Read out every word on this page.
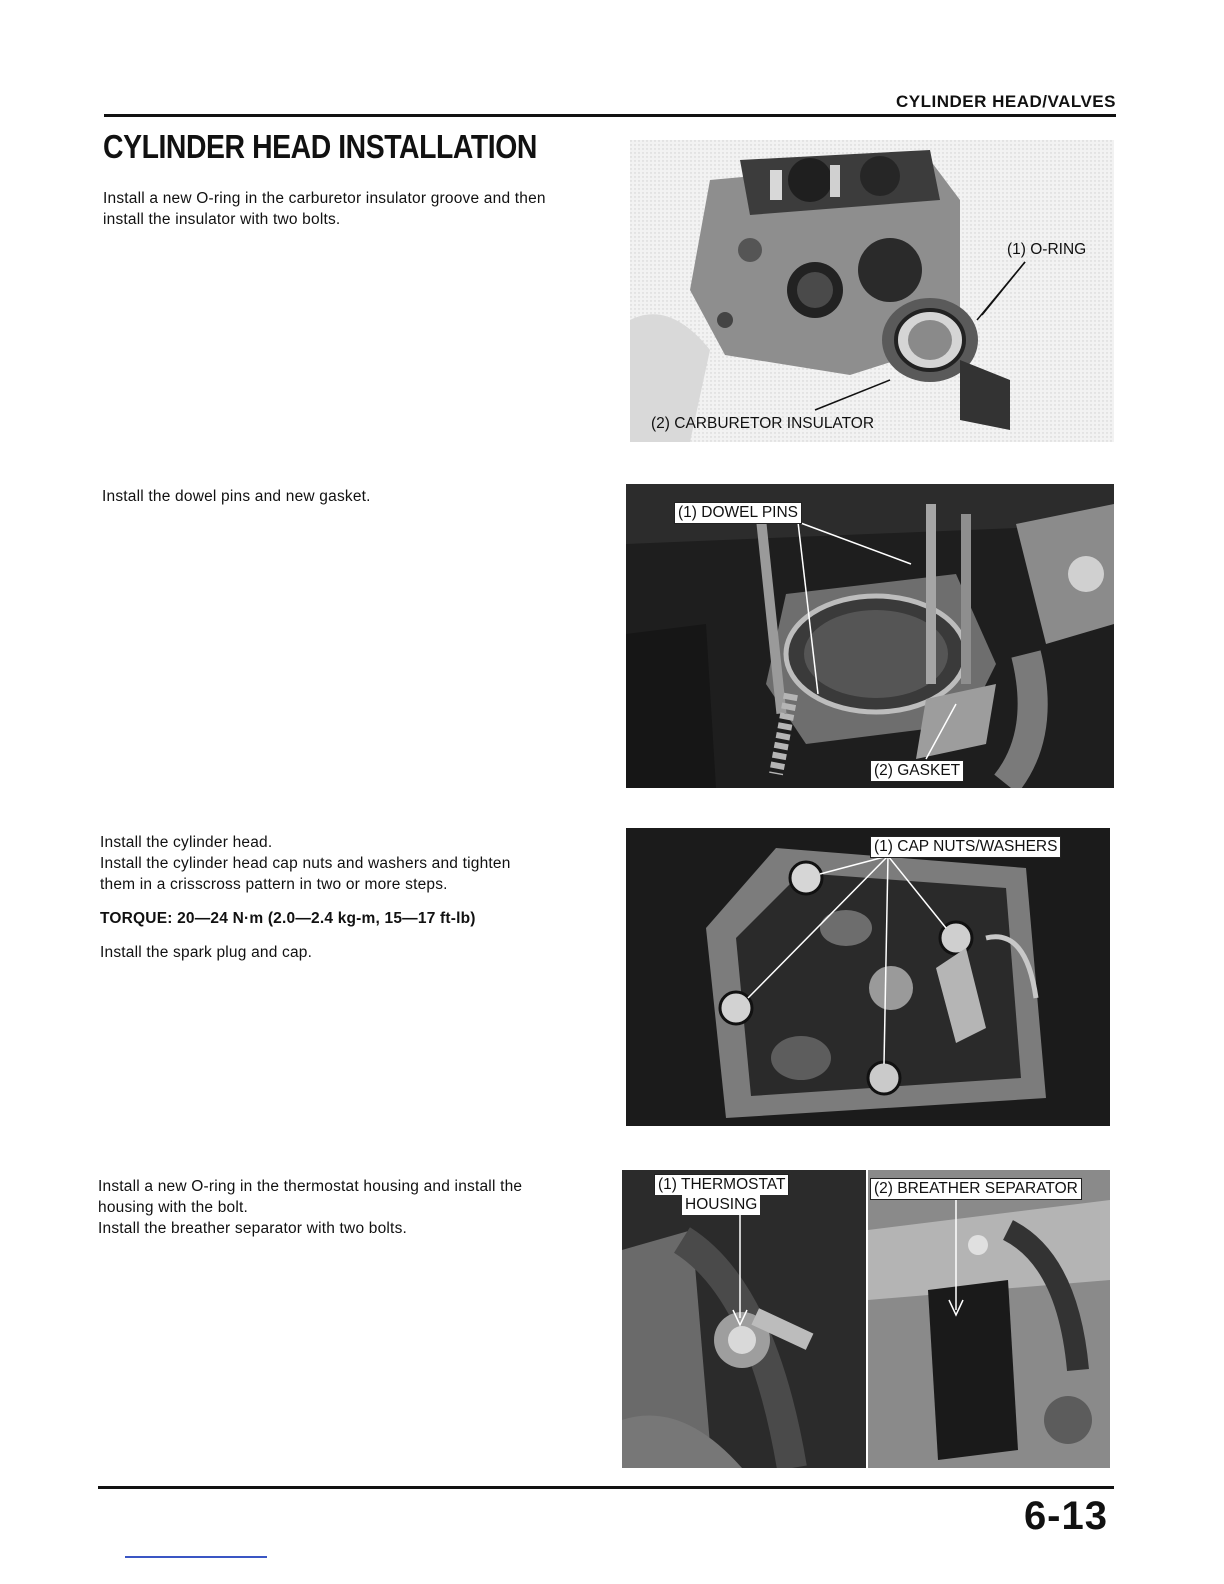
CYLINDER HEAD/VALVES
CYLINDER HEAD INSTALLATION

Install a new O-ring in the carburetor insulator groove and then

install the insulator with two bolts.

(1) O-RING
(2) CARBURETOR INSULATOR

Install the dowel pins and new gasket.

(1) DOWEL PINS
(2) GASKET

Install the cylinder head.

Install the cylinder head cap nuts and washers and tighten

them in a crisscross pattern in two or more steps.

TORQUE: 20—24 N·m (2.0—2.4 kg-m, 15—17 ft-lb)

Install the spark plug and cap.

(1) CAP NUTS/WASHERS

Install a new O-ring in the thermostat housing and install the

housing with the bolt.

Install the breather separator with two bolts.

(1) THERMOSTAT
HOUSING
(2) BREATHER SEPARATOR
6-13
